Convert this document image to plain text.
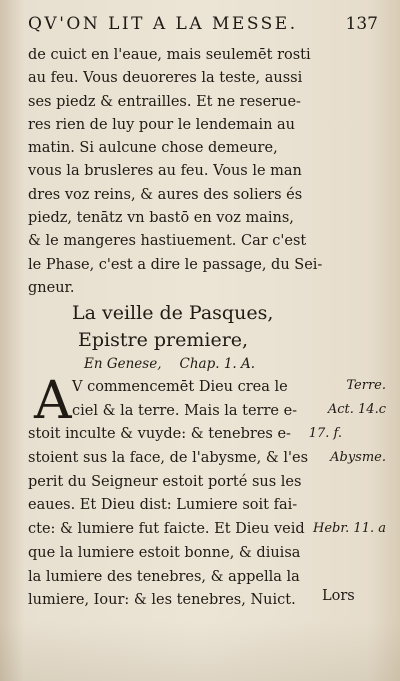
QV'ON LIT A LA MESSE.	137
de cuict en l'eaue, mais seulemēt rosti
au feu. Vous deuoreres la teste, aussi
ses piedz & entrailles. Et ne reserue-
res rien de luy pour le lendemain au
matin. Si aulcune chose demeure,
vous la brusleres au feu. Vous le man
dres voz reins, & aures des soliers és
piedz, tenātz vn bastō en voz mains,
& le mangeres hastiuement. Car c'est
le Phase, c'est a dire le passage, du Sei-
gneur.
La veille de Pasques,
Epistre premiere,
En Genese, Chap. 1. A.
A V commencemēt Dieu crea le
ciel & la terre. Mais la terre e-
stoit inculte & vuyde: & tenebres e-
stoient sus la face, de l'abysme, & l'es
perit du Seigneur estoit porté sus les
eaues. Et Dieu dist: Lumiere soit fai-
cte: & lumiere fut faicte. Et Dieu veid
que la lumiere estoit bonne, & diuisa
la lumiere des tenebres, & appella la
lumiere, Iour: & les tenebres, Nuict.
Terre.
Act. 14.c
17. f.
Abysme.
Hebr. 11. a
Lors
